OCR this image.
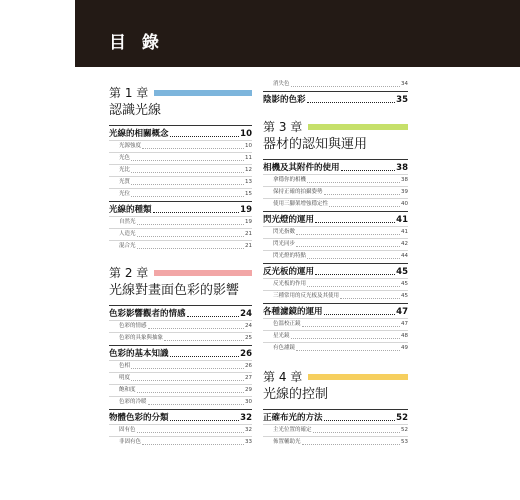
目 錄
第 1 章
認識光線
光線的相關概念	10
光源強度	10
光色	11
光比	12
光質	13
光位	15
光線的種類	19
自然光	19
人造光	21
混合光	21
第 2 章
光線對畫面色彩的影響
色彩影響觀者的情感	24
色彩的情感	24
色彩的具象與抽象	25
色彩的基本知識	26
色相	26
明度	27
飽和度	29
色彩的冷暖	30
物體色彩的分類	32
固有色	32
非固有色	33
消失色	34
陰影的色彩	35
第 3 章
器材的認知與運用
相機及其附件的使用	38
拿穩你的相機	38
保持正確的拍攝姿勢	39
使用三腳架增強穩定性	40
閃光燈的運用	41
閃光指數	41
閃光同步	42
閃光燈的特點	44
反光板的運用	45
反光板的作用	45
三種常用的反光板及其使用	45
各種濾鏡的運用	47
色溫校正鏡	47
星光鏡	48
有色濾鏡	49
第 4 章
光線的控制
正確布光的方法	52
主光位置的確定	52
佈置輔助光	53
